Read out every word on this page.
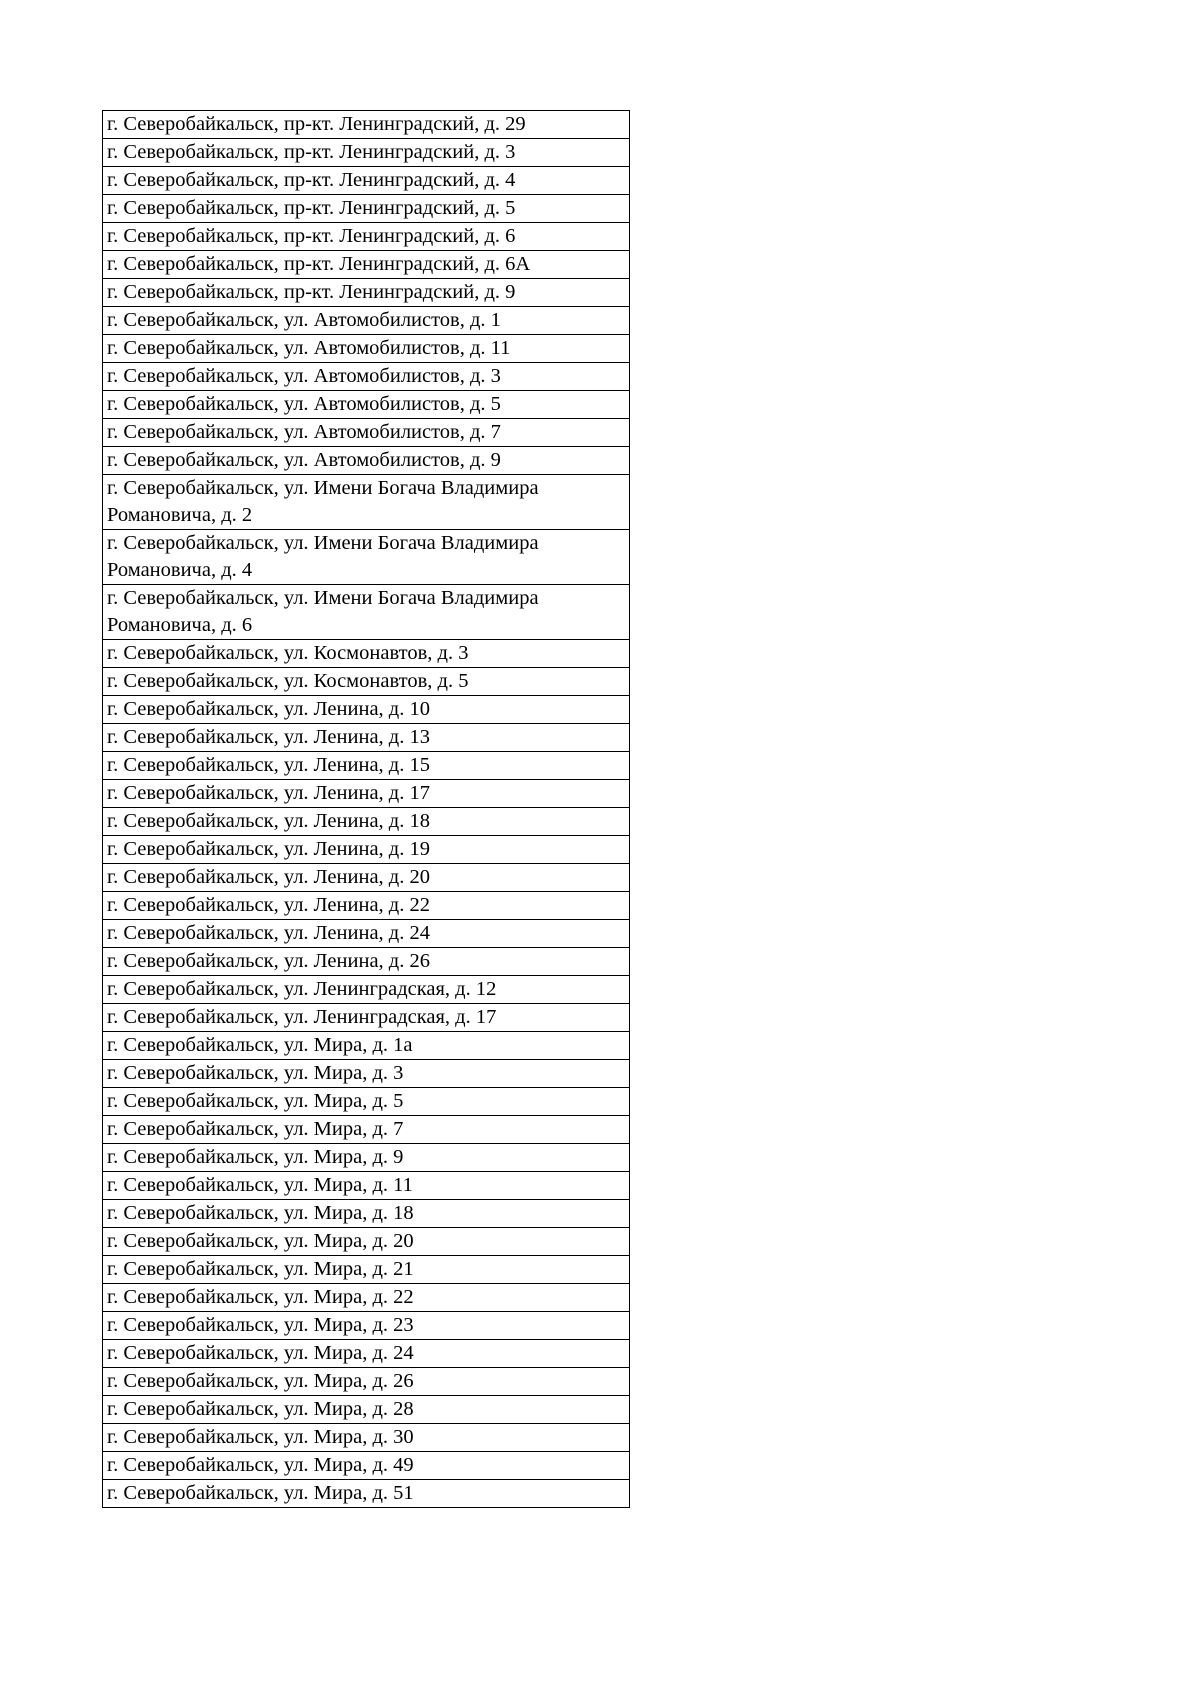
г. Северобайкальск, пр-кт. Ленинградский, д. 29
г. Северобайкальск, пр-кт. Ленинградский, д. 3
г. Северобайкальск, пр-кт. Ленинградский, д. 4
г. Северобайкальск, пр-кт. Ленинградский, д. 5
г. Северобайкальск, пр-кт. Ленинградский, д. 6
г. Северобайкальск, пр-кт. Ленинградский, д. 6А
г. Северобайкальск, пр-кт. Ленинградский, д. 9
г. Северобайкальск, ул. Автомобилистов, д. 1
г. Северобайкальск, ул. Автомобилистов, д. 11
г. Северобайкальск, ул. Автомобилистов, д. 3
г. Северобайкальск, ул. Автомобилистов, д. 5
г. Северобайкальск, ул. Автомобилистов, д. 7
г. Северобайкальск, ул. Автомобилистов, д. 9
г. Северобайкальск, ул. Имени Богача Владимира Романовича, д. 2
г. Северобайкальск, ул. Имени Богача Владимира Романовича, д. 4
г. Северобайкальск, ул. Имени Богача Владимира Романовича, д. 6
г. Северобайкальск, ул. Космонавтов, д. 3
г. Северобайкальск, ул. Космонавтов, д. 5
г. Северобайкальск, ул. Ленина, д. 10
г. Северобайкальск, ул. Ленина, д. 13
г. Северобайкальск, ул. Ленина, д. 15
г. Северобайкальск, ул. Ленина, д. 17
г. Северобайкальск, ул. Ленина, д. 18
г. Северобайкальск, ул. Ленина, д. 19
г. Северобайкальск, ул. Ленина, д. 20
г. Северобайкальск, ул. Ленина, д. 22
г. Северобайкальск, ул. Ленина, д. 24
г. Северобайкальск, ул. Ленина, д. 26
г. Северобайкальск, ул. Ленинградская, д. 12
г. Северобайкальск, ул. Ленинградская, д. 17
г. Северобайкальск, ул. Мира, д. 1а
г. Северобайкальск, ул. Мира, д. 3
г. Северобайкальск, ул. Мира, д. 5
г. Северобайкальск, ул. Мира, д. 7
г. Северобайкальск, ул. Мира, д. 9
г. Северобайкальск, ул. Мира, д. 11
г. Северобайкальск, ул. Мира, д. 18
г. Северобайкальск, ул. Мира, д. 20
г. Северобайкальск, ул. Мира, д. 21
г. Северобайкальск, ул. Мира, д. 22
г. Северобайкальск, ул. Мира, д. 23
г. Северобайкальск, ул. Мира, д. 24
г. Северобайкальск, ул. Мира, д. 26
г. Северобайкальск, ул. Мира, д. 28
г. Северобайкальск, ул. Мира, д. 30
г. Северобайкальск, ул. Мира, д. 49
г. Северобайкальск, ул. Мира, д. 51
